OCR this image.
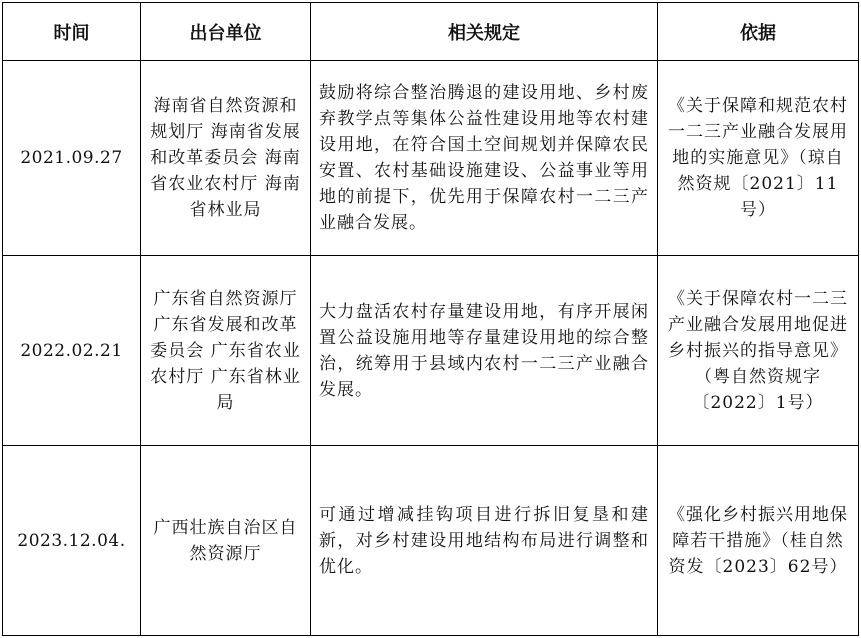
时间	出台单位	相关规定	依据
2021.09.27	海南省自然资源和规划厅 海南省发展和改革委员会 海南省农业农村厅 海南省林业局	鼓励将综合整治腾退的建设用地、乡村废弃教学点等集体公益性建设用地等农村建设用地，在符合国土空间规划并保障农民安置、农村基础设施建设、公益事业等用地的前提下，优先用于保障农村一二三产业融合发展。	《关于保障和规范农村一二三产业融合发展用地的实施意见》（琼自然资规〔2021〕11号）

2022.02.21	广东省自然资源厅 广东省发展和改革委员会 广东省农业农村厅 广东省林业局	大力盘活农村存量建设用地，有序开展闲置公益设施用地等存量建设用地的综合整治，统筹用于县域内农村一二三产业融合发展。	《关于保障农村一二三产业融合发展用地促进乡村振兴的指导意见》（粤自然资规字〔2022〕1号）

2023.12.04.	广西壮族自治区自然资源厅	可通过增减挂钩项目进行拆旧复垦和建新，对乡村建设用地结构布局进行调整和优化。	《强化乡村振兴用地保障若干措施》（桂自然资发〔2023〕62号）
